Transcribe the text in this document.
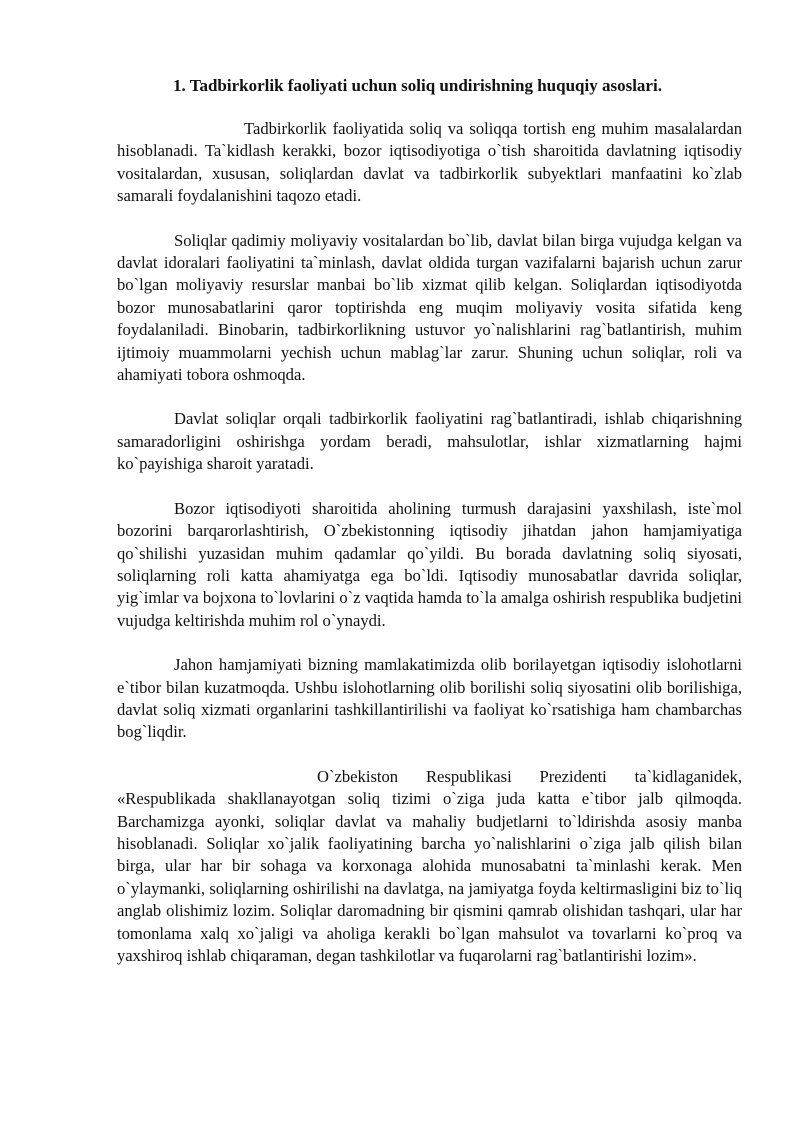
1. Tadbirkorlik faoliyati uchun soliq undirishning huquqiy asoslari.

Tadbirkorlik faoliyatida soliq va soliqqa tortish eng muhim masalalardan hisoblanadi. Ta`kidlash kerakki, bozor iqtisodiyotiga o`tish sharoitida davlatning iqtisodiy vositalardan, xususan, soliqlardan davlat va tadbirkorlik subyektlari manfaatini ko`zlab samarali foydalanishini taqozo etadi.

Soliqlar qadimiy moliyaviy vositalardan bo`lib, davlat bilan birga vujudga kelgan va davlat idoralari faoliyatini ta`minlash, davlat oldida turgan vazifalarni bajarish uchun zarur bo`lgan moliyaviy resurslar manbai bo`lib xizmat qilib kelgan. Soliqlardan iqtisodiyotda bozor munosabatlarini qaror toptirishda eng muqim moliyaviy vosita sifatida keng foydalaniladi. Binobarin, tadbirkorlikning ustuvor yo`nalishlarini rag`batlantirish, muhim ijtimoiy muammolarni yechish uchun mablag`lar zarur. Shuning uchun soliqlar, roli va ahamiyati tobora oshmoqda.

Davlat soliqlar orqali tadbirkorlik faoliyatini rag`batlantiradi, ishlab chiqarishning samaradorligini oshirishga yordam beradi, mahsulotlar, ishlar xizmatlarning hajmi ko`payishiga sharoit yaratadi.

Bozor iqtisodiyoti sharoitida aholining turmush darajasini yaxshilash, iste`mol bozorini barqarorlashtirish, O`zbekistonning iqtisodiy jihatdan jahon hamjamiyatiga qo`shilishi yuzasidan muhim qadamlar qo`yildi. Bu borada davlatning soliq siyosati, soliqlarning roli katta ahamiyatga ega bo`ldi. Iqtisodiy munosabatlar davrida soliqlar, yig`imlar va bojxona to`lovlarini o`z vaqtida hamda to`la amalga oshirish respublika budjetini vujudga keltirishda muhim rol o`ynaydi.

Jahon hamjamiyati bizning mamlakatimizda olib borilayetgan iqtisodiy islohotlarni e`tibor bilan kuzatmoqda. Ushbu islohotlarning olib borilishi soliq siyosatini olib borilishiga, davlat soliq xizmati organlarini tashkillantirilishi va faoliyat ko`rsatishiga ham chambarchas bog`liqdir.

O`zbekiston Respublikasi Prezidenti ta`kidlaganidek, «Respublikada shakllanayotgan soliq tizimi o`ziga juda katta e`tibor jalb qilmoqda. Barchamizga ayonki, soliqlar davlat va mahaliy budjetlarni to`ldirishda asosiy manba hisoblanadi. Soliqlar xo`jalik faoliyatining barcha yo`nalishlarini o`ziga jalb qilish bilan birga, ular har bir sohaga va korxonaga alohida munosabatni ta`minlashi kerak. Men o`ylaymanki, soliqlarning oshirilishi na davlatga, na jamiyatga foyda keltirmasligini biz to`liq anglab olishimiz lozim. Soliqlar daromadning bir qismini qamrab olishidan tashqari, ular har tomonlama xalq xo`jaligi va aholiga kerakli bo`lgan mahsulot va tovarlarni ko`proq va yaxshiroq ishlab chiqaraman, degan tashkilotlar va fuqarolarni rag`batlantirishi lozim».
